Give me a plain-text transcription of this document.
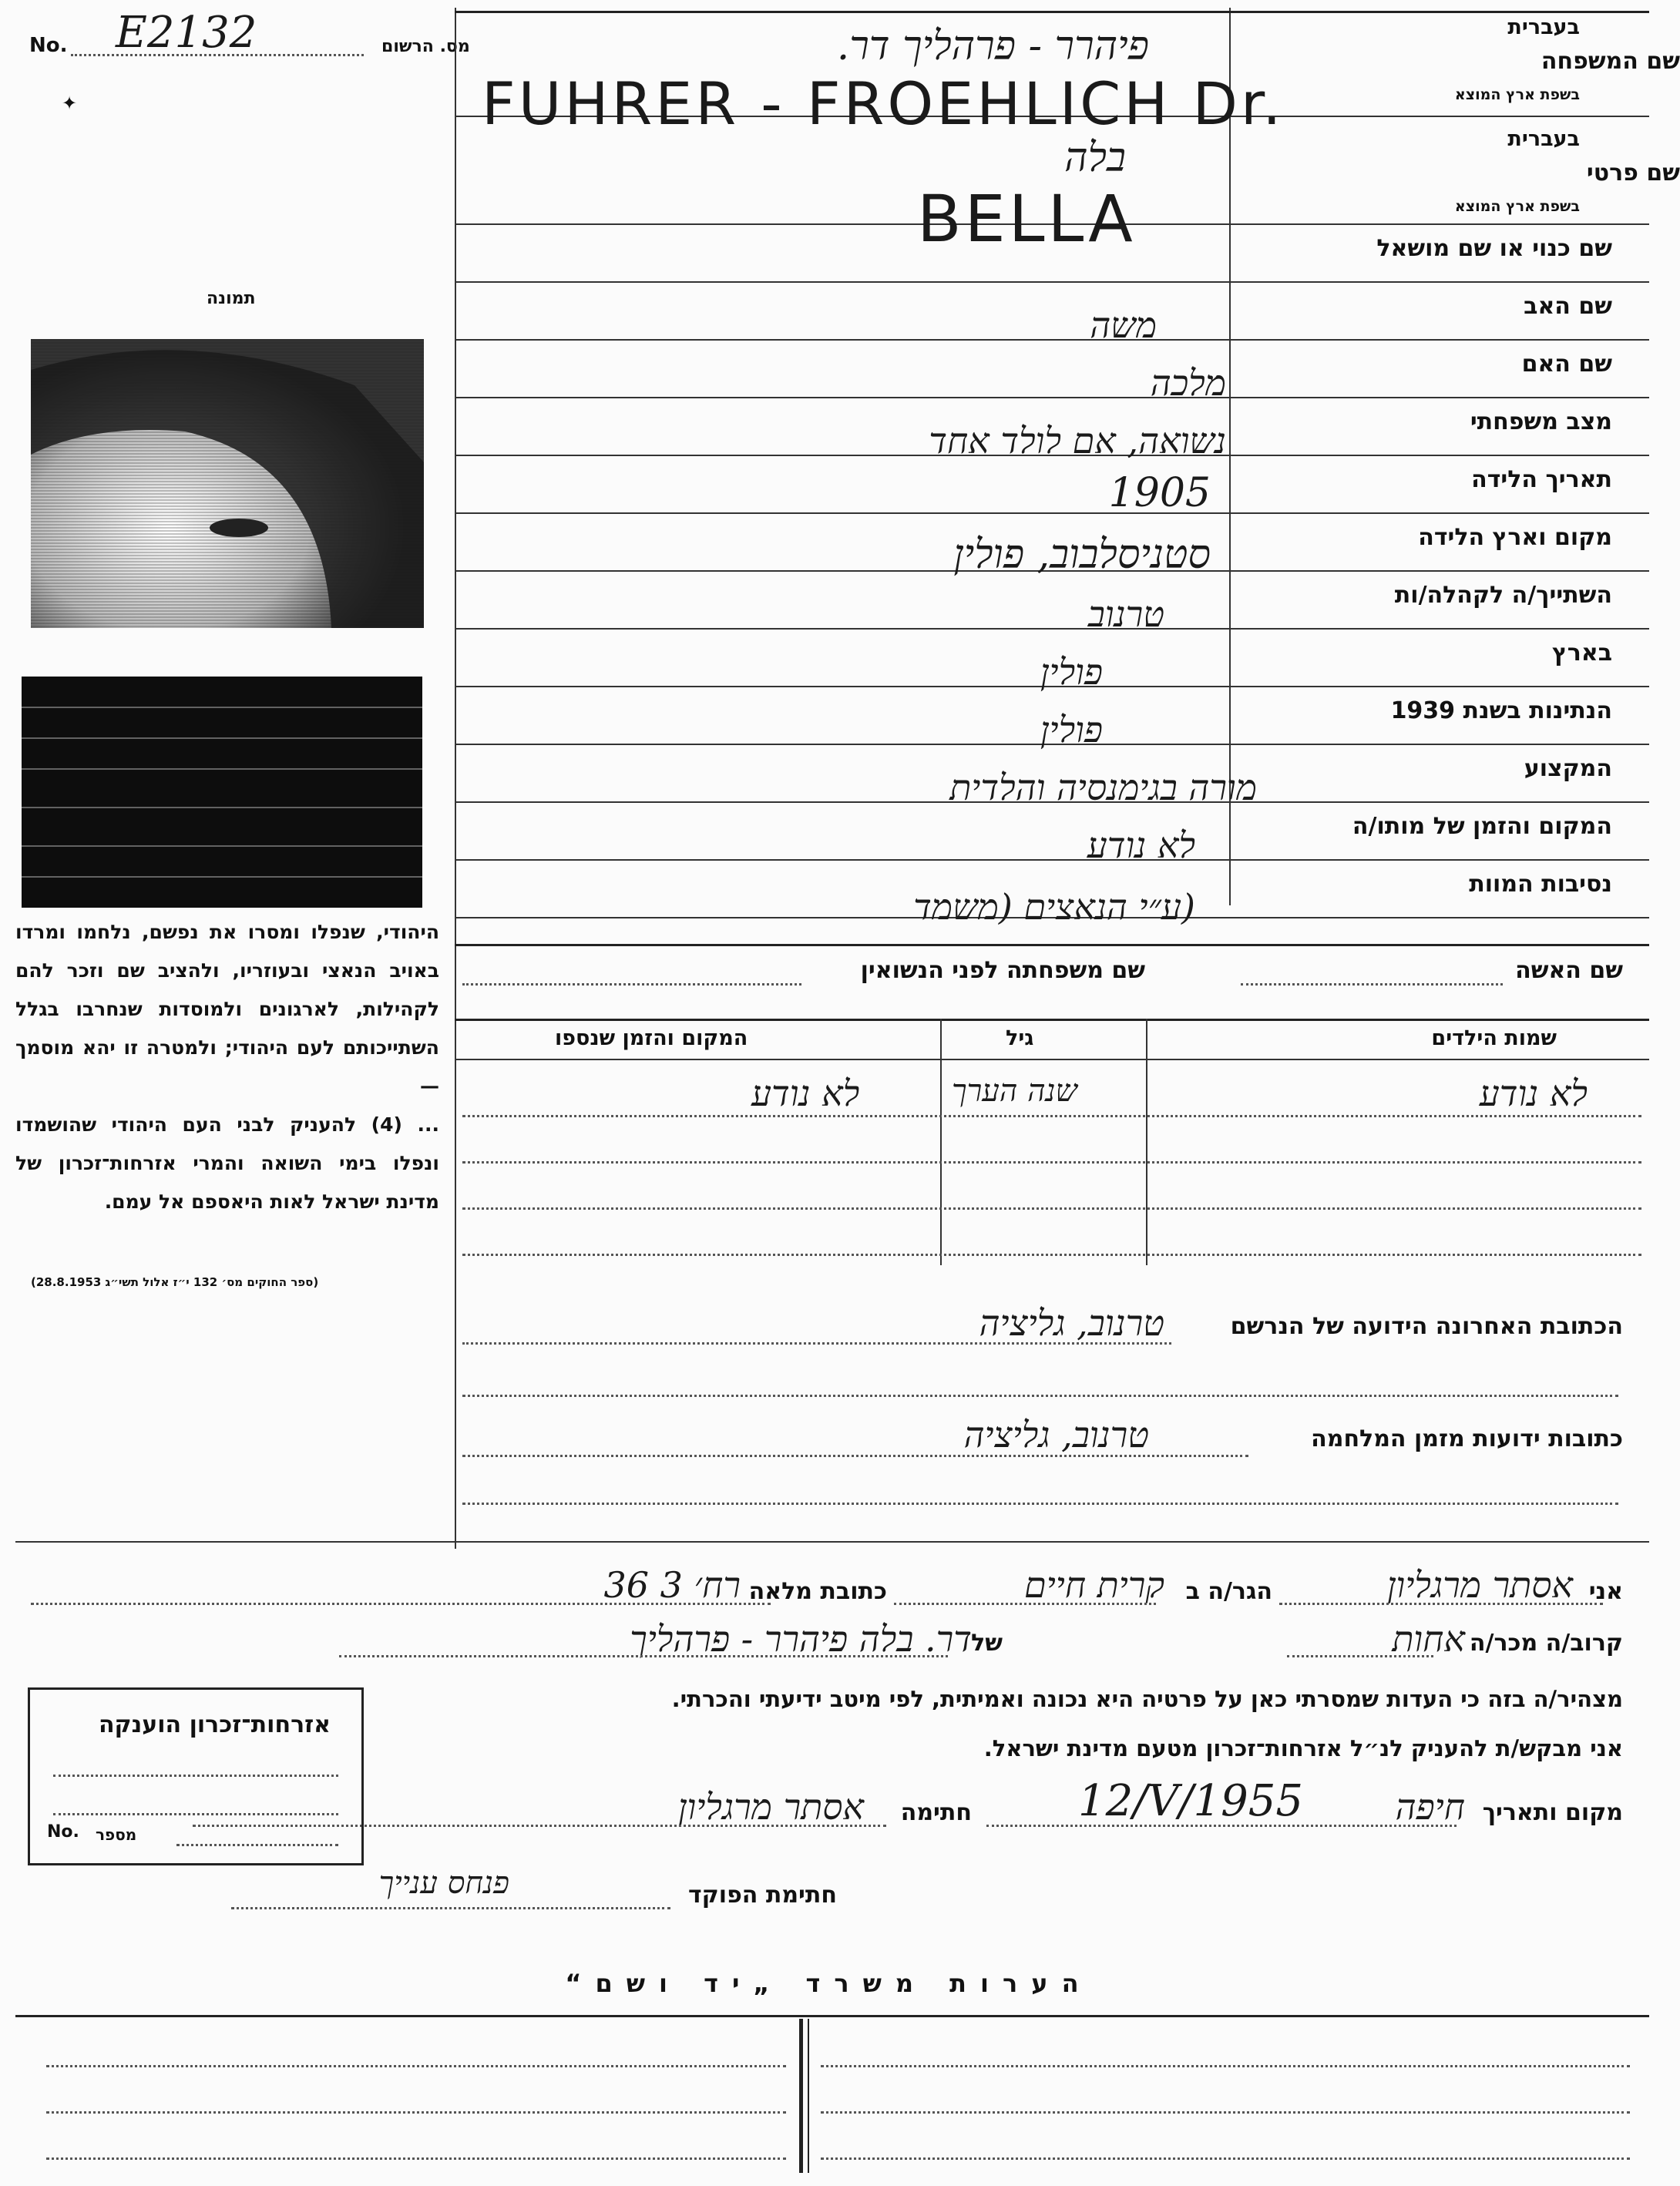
מס. הרשום
No. E2132
✦
תמונה
היהודי, שנפלו ומסרו את נפשם, נלחמו ומרדו באויב הנאצי ובעוזריו, ולהציב שם וזכר להם לקהילות, לארגונים ולמוסדות שנחרבו בגלל השתייכותם לעם היהודי; ולמטרה זו יהא מוסמך —
... (4) להעניק לבני העם היהודי שהושמדו ונפלו בימי השואה והמרי אזרחות־זכרון של מדינת ישראל לאות היאספם אל עמם.
(ספר החוקים מס׳ 132 י״ז אלול תשי״ג 28.8.1953)
בעברית
שם המשפחה
בשפת ארץ המוצא
בעברית
שם פרטי
בשפת ארץ המוצא
שם כנוי או שם מושאל
שם האב
שם האם
מצב משפחתי
תאריך הלידה
מקום וארץ הלידה
השתייך/ה לקהלה/ות
בארץ
הנתינות בשנת 1939
המקצוע
המקום והזמן של מותו/ה
נסיבות המוות
פיהרר - פרהליך דר.
FUHRER - FROEHLICH Dr.
בלה
BELLA
משה
מלכה
נשואה, אם לולד אחד
1905
סטניסלבוב, פולין
טרנוב
פולין
פולין
מורה בגימנסיה והלדית
לא נודע
(ע״י הנאצים (משמד
שם האשה
שם משפחתה לפני הנשואין
שמות הילדים
גיל
המקום והזמן שנספו
לא נודע
שנה הערך
לא נודע
הכתובת האחרונה הידועה של הנרשם
טרנוב, גליציה
כתובות ידועות מזמן המלחמה
טרנוב, גליציה
אני
אסתר מרגליון
הגר/ה ב
קרית חיים
כתובת מלאה
רח׳ 3 36
קרוב/ה מכר/ה
אחות
של
דר. בלה פיהרר - פרהליך
מצהיר/ה בזה כי העדות שמסרתי כאן על פרטיה היא נכונה ואמיתית, לפי מיטב ידיעתי והכרתי.
אני מבקש/ת להעניק לנ״ל אזרחות־זכרון מטעם מדינת ישראל.
מקום ותאריך
חיפה
12/V/1955
חתימה
אסתר מרגליון
חתימת הפוקד
פנחס ענייך
אזרחות־זכרון הוענקה
No. מספר
הערות משרד „יד ושם“
